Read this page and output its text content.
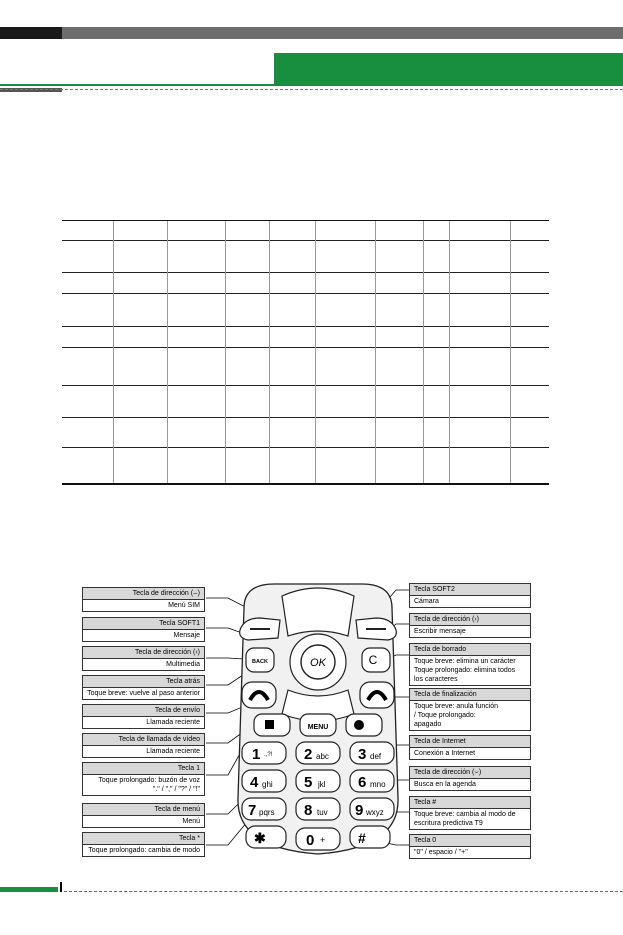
Tecla de dirección (⌢)
Menú SIM
Tecla SOFT1
Mensaje
Tecla de dirección (‹)
Multimedia
Tecla atrás
Toque breve: vuelve al paso anterior
Tecla de envío
Llamada reciente
Tecla de llamada de vídeo
Llamada reciente
Tecla 1
Toque prolongado: buzón de voz
"." / "," / "?" / "!"
Tecla de menú
Menú
Tecla *
Toque prolongado: cambia de modo
Tecla SOFT2
Cámara
Tecla de dirección (›)
Escribir mensaje
Tecla de borrado
Toque breve: elimina un carácter
Toque prolongado: elimina todos
los caracteres
Tecla de finalización
Toque breve: anula función
/ Toque prolongado:
apagado
Tecla de Internet
Conexión a Internet
Tecla de dirección (⌣)
Busca en la agenda
Tecla #
Toque breve: cambia al modo de
escritura predictiva T9
Tecla 0
"0" / espacio / "+"
OK
BACK	C
MENU
1 .,?! 2 abc 3 def
4 ghi 5 jkl 6 mno
7 pqrs 8 tuv 9 wxyz
✱	0 + #
